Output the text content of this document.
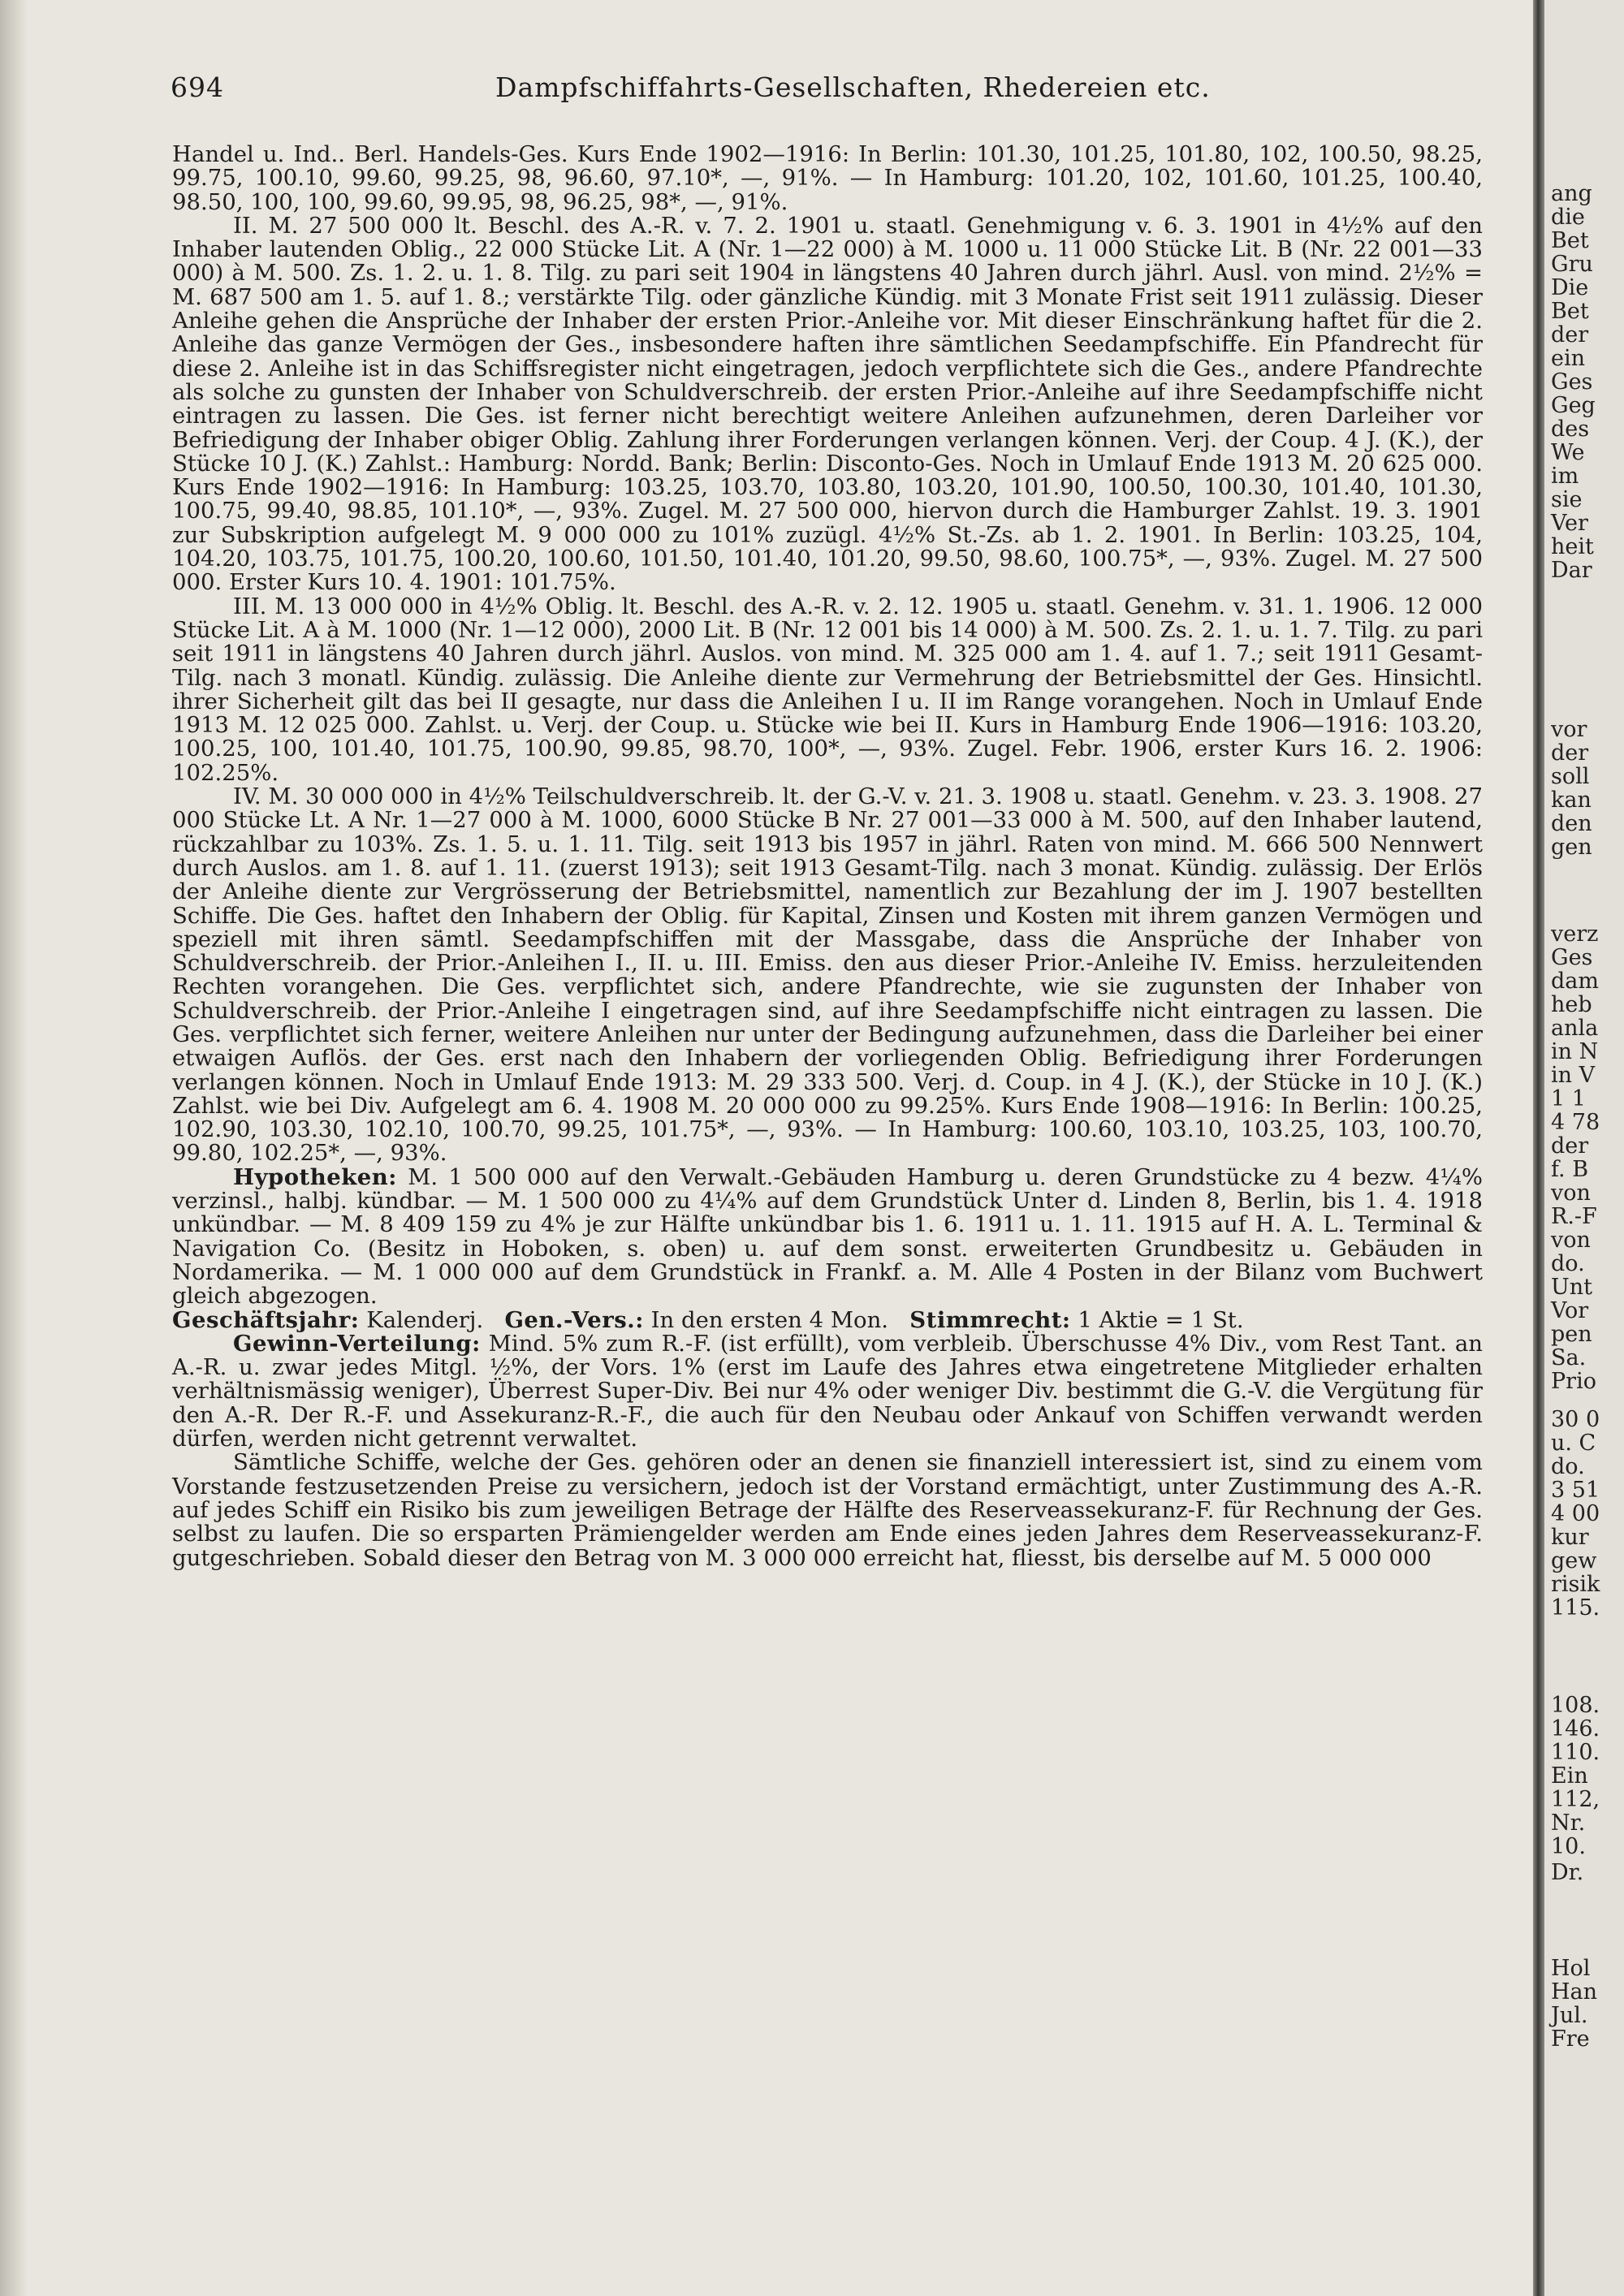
694	Dampfschiffahrts-Gesellschaften, Rhedereien etc.

Handel u. Ind.. Berl. Handels-Ges. Kurs Ende 1902—1916: In Berlin: 101.30, 101.25, 101.80, 102, 100.50, 98.25, 99.75, 100.10, 99.60, 99.25, 98, 96.60, 97.10*, —, 91%. — In Hamburg: 101.20, 102, 101.60, 101.25, 100.40, 98.50, 100, 100, 99.60, 99.95, 98, 96.25, 98*, —, 91%.

II. M. 27 500 000 lt. Beschl. des A.-R. v. 7. 2. 1901 u. staatl. Genehmigung v. 6. 3. 1901 in 4½% auf den Inhaber lautenden Oblig., 22 000 Stücke Lit. A (Nr. 1—22 000) à M. 1000 u. 11 000 Stücke Lit. B (Nr. 22 001—33 000) à M. 500. Zs. 1. 2. u. 1. 8. Tilg. zu pari seit 1904 in längstens 40 Jahren durch jährl. Ausl. von mind. 2½% = M. 687 500 am 1. 5. auf 1. 8.; verstärkte Tilg. oder gänzliche Kündig. mit 3 Monate Frist seit 1911 zulässig. Dieser Anleihe gehen die Ansprüche der Inhaber der ersten Prior.-Anleihe vor. Mit dieser Einschränkung haftet für die 2. Anleihe das ganze Vermögen der Ges., insbesondere haften ihre sämtlichen Seedampfschiffe. Ein Pfandrecht für diese 2. Anleihe ist in das Schiffsregister nicht eingetragen, jedoch verpflichtete sich die Ges., andere Pfandrechte als solche zu gunsten der Inhaber von Schuldverschreib. der ersten Prior.-Anleihe auf ihre Seedampfschiffe nicht eintragen zu lassen. Die Ges. ist ferner nicht berechtigt weitere Anleihen aufzunehmen, deren Darleiher vor Befriedigung der Inhaber obiger Oblig. Zahlung ihrer Forderungen verlangen können. Verj. der Coup. 4 J. (K.), der Stücke 10 J. (K.) Zahlst.: Hamburg: Nordd. Bank; Berlin: Disconto-Ges. Noch in Umlauf Ende 1913 M. 20 625 000. Kurs Ende 1902—1916: In Hamburg: 103.25, 103.70, 103.80, 103.20, 101.90, 100.50, 100.30, 101.40, 101.30, 100.75, 99.40, 98.85, 101.10*, —, 93%. Zugel. M. 27 500 000, hiervon durch die Hamburger Zahlst. 19. 3. 1901 zur Subskription aufgelegt M. 9 000 000 zu 101% zuzügl. 4½% St.-Zs. ab 1. 2. 1901. In Berlin: 103.25, 104, 104.20, 103.75, 101.75, 100.20, 100.60, 101.50, 101.40, 101.20, 99.50, 98.60, 100.75*, —, 93%. Zugel. M. 27 500 000. Erster Kurs 10. 4. 1901: 101.75%.

III. M. 13 000 000 in 4½% Oblig. lt. Beschl. des A.-R. v. 2. 12. 1905 u. staatl. Genehm. v. 31. 1. 1906. 12 000 Stücke Lit. A à M. 1000 (Nr. 1—12 000), 2000 Lit. B (Nr. 12 001 bis 14 000) à M. 500. Zs. 2. 1. u. 1. 7. Tilg. zu pari seit 1911 in längstens 40 Jahren durch jährl. Auslos. von mind. M. 325 000 am 1. 4. auf 1. 7.; seit 1911 Gesamt-Tilg. nach 3 monatl. Kündig. zulässig. Die Anleihe diente zur Vermehrung der Betriebsmittel der Ges. Hinsichtl. ihrer Sicherheit gilt das bei II gesagte, nur dass die Anleihen I u. II im Range vorangehen. Noch in Umlauf Ende 1913 M. 12 025 000. Zahlst. u. Verj. der Coup. u. Stücke wie bei II. Kurs in Hamburg Ende 1906—1916: 103.20, 100.25, 100, 101.40, 101.75, 100.90, 99.85, 98.70, 100*, —, 93%. Zugel. Febr. 1906, erster Kurs 16. 2. 1906: 102.25%.

IV. M. 30 000 000 in 4½% Teilschuldverschreib. lt. der G.-V. v. 21. 3. 1908 u. staatl. Genehm. v. 23. 3. 1908. 27 000 Stücke Lt. A Nr. 1—27 000 à M. 1000, 6000 Stücke B Nr. 27 001—33 000 à M. 500, auf den Inhaber lautend, rückzahlbar zu 103%. Zs. 1. 5. u. 1. 11. Tilg. seit 1913 bis 1957 in jährl. Raten von mind. M. 666 500 Nennwert durch Auslos. am 1. 8. auf 1. 11. (zuerst 1913); seit 1913 Gesamt-Tilg. nach 3 monat. Kündig. zulässig. Der Erlös der Anleihe diente zur Vergrösserung der Betriebsmittel, namentlich zur Bezahlung der im J. 1907 bestellten Schiffe. Die Ges. haftet den Inhabern der Oblig. für Kapital, Zinsen und Kosten mit ihrem ganzen Vermögen und speziell mit ihren sämtl. Seedampfschiffen mit der Massgabe, dass die Ansprüche der Inhaber von Schuldverschreib. der Prior.-Anleihen I., II. u. III. Emiss. den aus dieser Prior.-Anleihe IV. Emiss. herzuleitenden Rechten vorangehen. Die Ges. verpflichtet sich, andere Pfandrechte, wie sie zugunsten der Inhaber von Schuldverschreib. der Prior.-Anleihe I eingetragen sind, auf ihre Seedampfschiffe nicht eintragen zu lassen. Die Ges. verpflichtet sich ferner, weitere Anleihen nur unter der Bedingung aufzunehmen, dass die Darleiher bei einer etwaigen Auflös. der Ges. erst nach den Inhabern der vorliegenden Oblig. Befriedigung ihrer Forderungen verlangen können. Noch in Umlauf Ende 1913: M. 29 333 500. Verj. d. Coup. in 4 J. (K.), der Stücke in 10 J. (K.) Zahlst. wie bei Div. Aufgelegt am 6. 4. 1908 M. 20 000 000 zu 99.25%. Kurs Ende 1908—1916: In Berlin: 100.25, 102.90, 103.30, 102.10, 100.70, 99.25, 101.75*, —, 93%. — In Hamburg: 100.60, 103.10, 103.25, 103, 100.70, 99.80, 102.25*, —, 93%.

Hypotheken: M. 1 500 000 auf den Verwalt.-Gebäuden Hamburg u. deren Grundstücke zu 4 bezw. 4¼% verzinsl., halbj. kündbar. — M. 1 500 000 zu 4¼% auf dem Grundstück Unter d. Linden 8, Berlin, bis 1. 4. 1918 unkündbar. — M. 8 409 159 zu 4% je zur Hälfte unkündbar bis 1. 6. 1911 u. 1. 11. 1915 auf H. A. L. Terminal & Navigation Co. (Besitz in Hoboken, s. oben) u. auf dem sonst. erweiterten Grundbesitz u. Gebäuden in Nordamerika. — M. 1 000 000 auf dem Grundstück in Frankf. a. M. Alle 4 Posten in der Bilanz vom Buchwert gleich abgezogen.

Geschäftsjahr: Kalenderj. Gen.-Vers.: In den ersten 4 Mon. Stimmrecht: 1 Aktie = 1 St.

Gewinn-Verteilung: Mind. 5% zum R.-F. (ist erfüllt), vom verbleib. Überschusse 4% Div., vom Rest Tant. an A.-R. u. zwar jedes Mitgl. ½%, der Vors. 1% (erst im Laufe des Jahres etwa eingetretene Mitglieder erhalten verhältnismässig weniger), Überrest Super-Div. Bei nur 4% oder weniger Div. bestimmt die G.-V. die Vergütung für den A.-R. Der R.-F. und Assekuranz-R.-F., die auch für den Neubau oder Ankauf von Schiffen verwandt werden dürfen, werden nicht getrennt verwaltet.

Sämtliche Schiffe, welche der Ges. gehören oder an denen sie finanziell interessiert ist, sind zu einem vom Vorstande festzusetzenden Preise zu versichern, jedoch ist der Vorstand ermächtigt, unter Zustimmung des A.-R. auf jedes Schiff ein Risiko bis zum jeweiligen Betrage der Hälfte des Reserveassekuranz-F. für Rechnung der Ges. selbst zu laufen. Die so ersparten Prämiengelder werden am Ende eines jeden Jahres dem Reserveassekuranz-F. gutgeschrieben. Sobald dieser den Betrag von M. 3 000 000 erreicht hat, fliesst, bis derselbe auf M. 5 000 000

ang
die
Bet
Gru
Die
Bet
der
ein
Ges
Geg
des
We
im
sie
Ver
heit
Dar
vor
der
soll
kan
den
gen
verz
Ges
dam
heb
anla
in N
in V
1 1
4 78
der
f. B
von
R.-F
von
do.
Unt
Vor
pen
Sa.
Prio
30 0
u. C
do.
3 51
4 00
kur
gew
risik
115.
108.
146.
110.
Ein
112,
Nr.
10.
Dr.
Hol
Han
Jul.
Fre
